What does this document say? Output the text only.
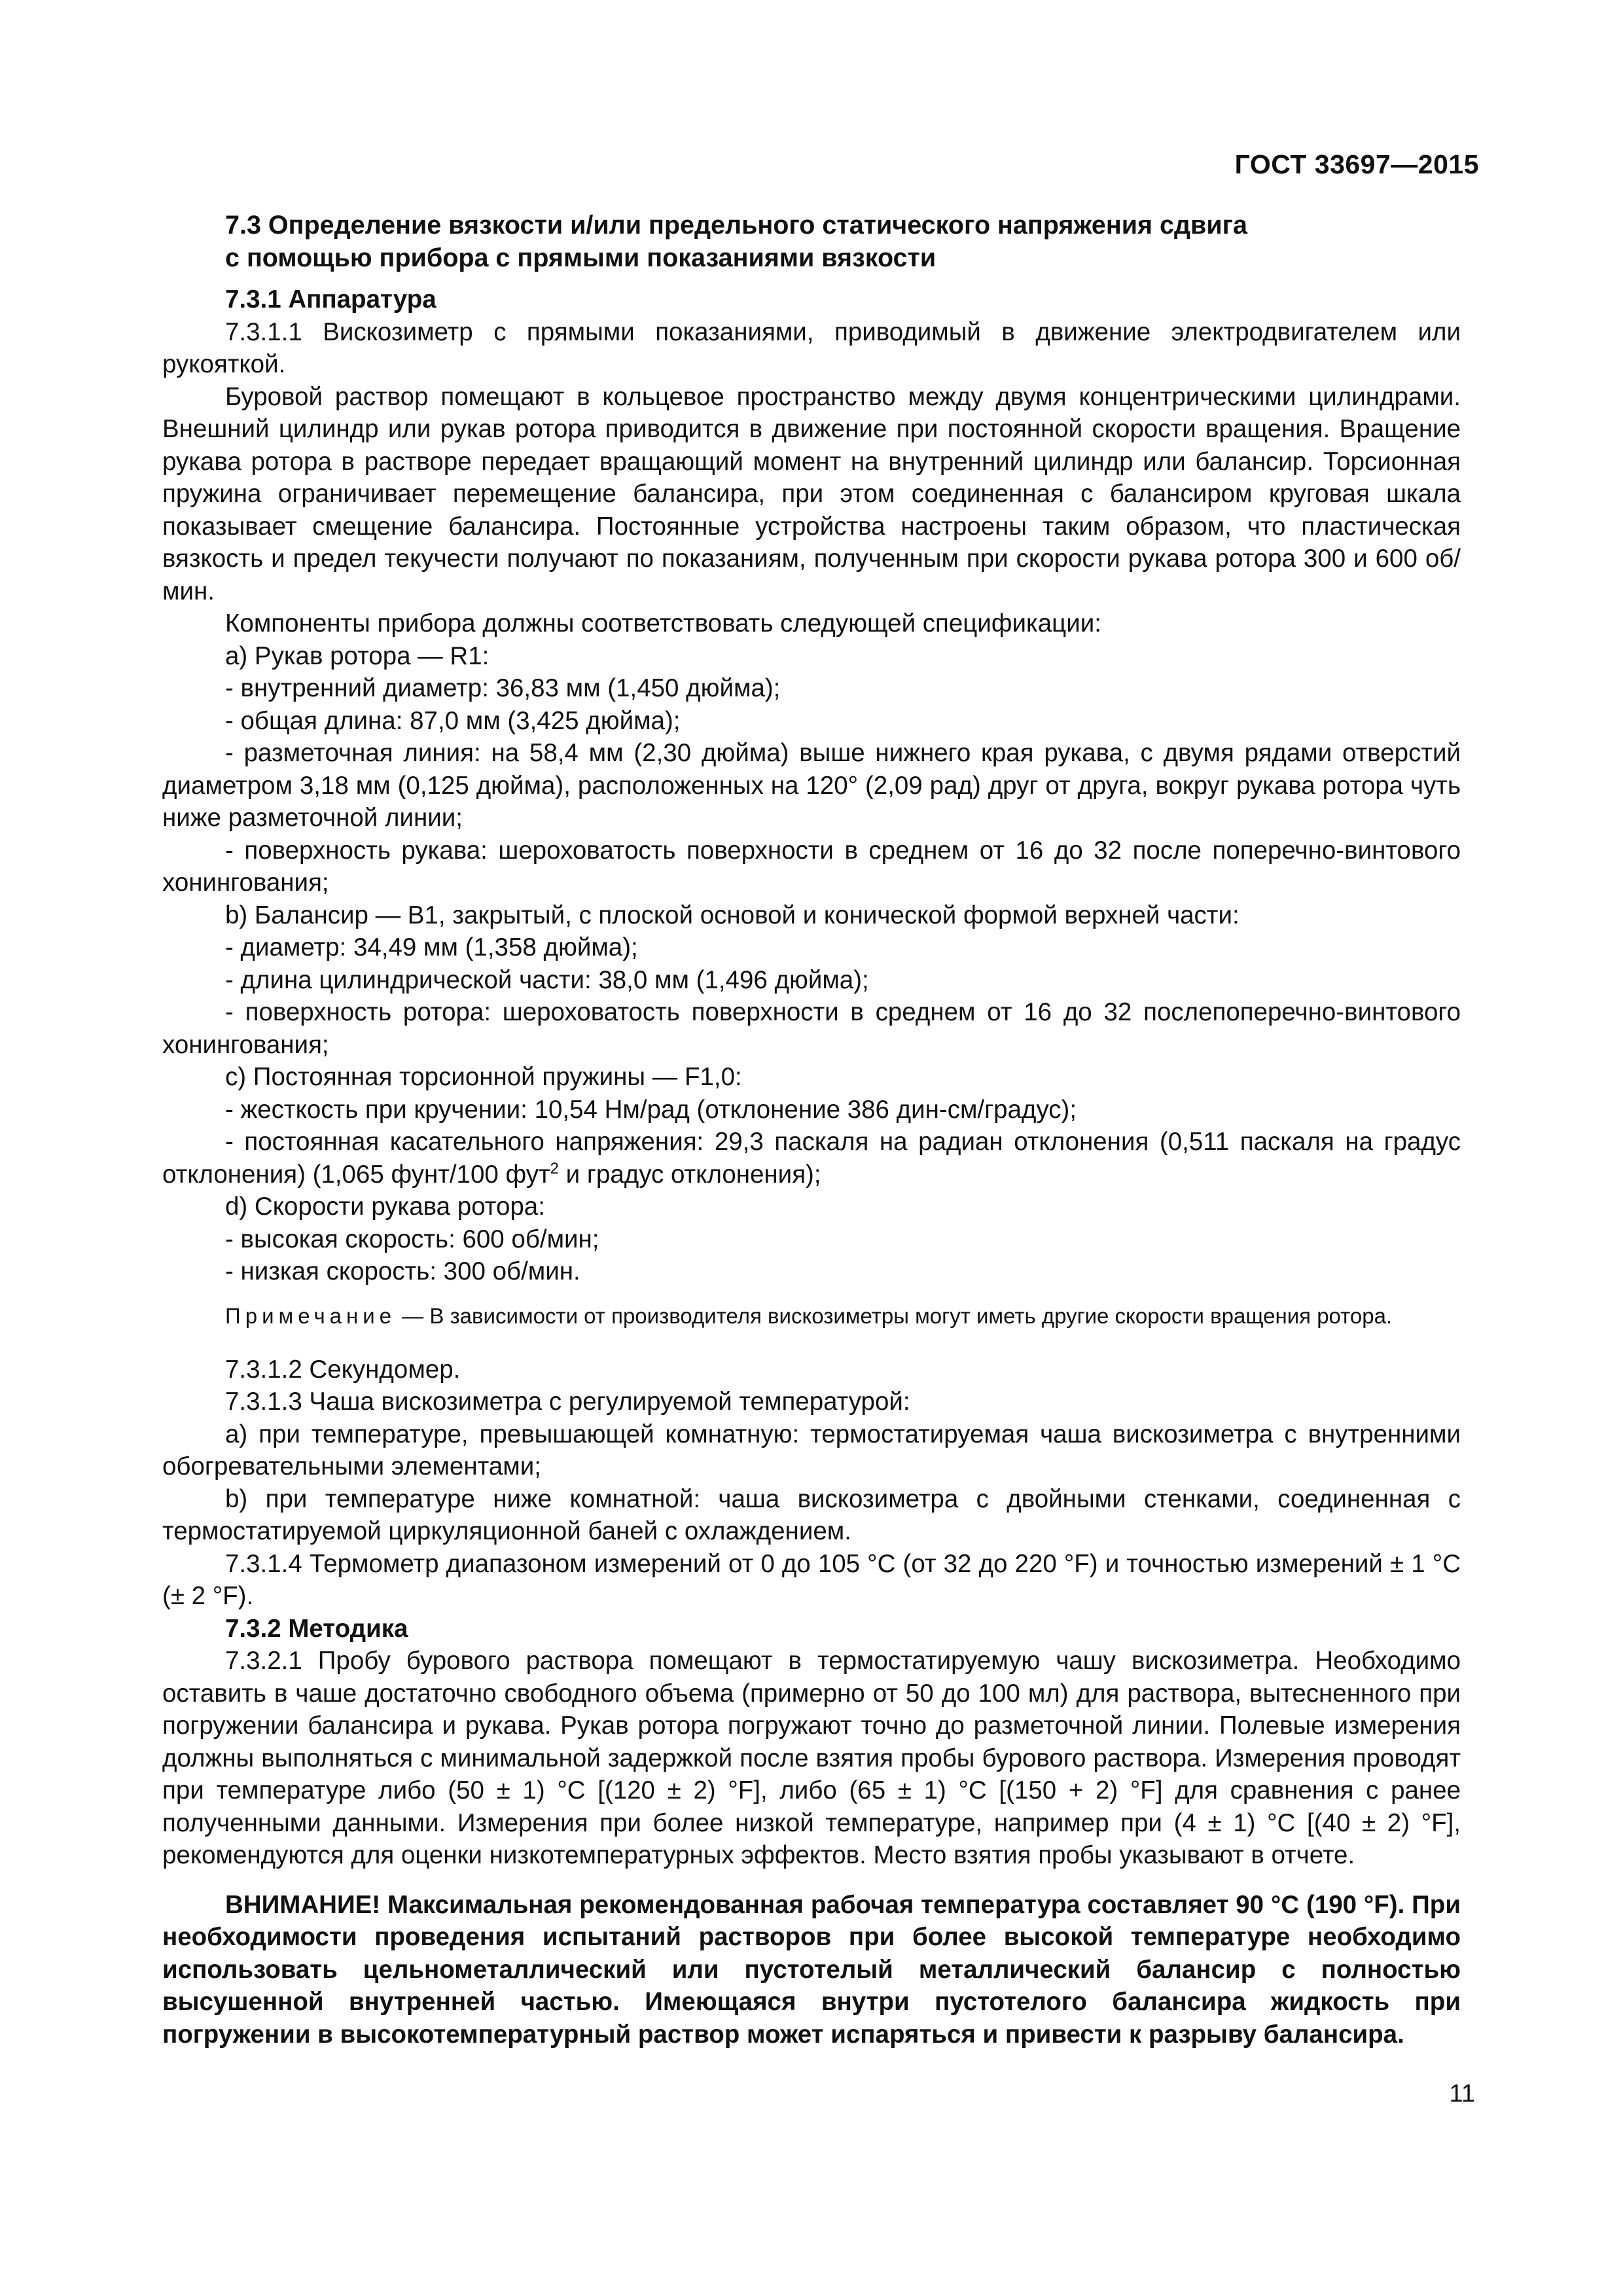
ГОСТ 33697—2015

7.3 Определение вязкости и/или предельного статического напряжения сдвига
с помощью прибора с прямыми показаниями вязкости

7.3.1 Аппаратура

7.3.1.1 Вискозиметр с прямыми показаниями, приводимый в движение электродвигателем или рукояткой.

Буровой раствор помещают в кольцевое пространство между двумя концентрическими цилиндрами. Внешний цилиндр или рукав ротора приводится в движение при постоянной скорости вращения. Вращение рукава ротора в растворе передает вращающий момент на внутренний цилиндр или балансир. Торсионная пружина ограничивает перемещение балансира, при этом соединенная с балансиром круговая шкала показывает смещение балансира. Постоянные устройства настроены таким образом, что пластическая вязкость и предел текучести получают по показаниям, полученным при скорости рукава ротора 300 и 600 об/мин.

Компоненты прибора должны соответствовать следующей спецификации:

а) Рукав ротора — R1:

- внутренний диаметр: 36,83 мм (1,450 дюйма);

- общая длина: 87,0 мм (3,425 дюйма);

- разметочная линия: на 58,4 мм (2,30 дюйма) выше нижнего края рукава, с двумя рядами отверстий диаметром 3,18 мм (0,125 дюйма), расположенных на 120° (2,09 рад) друг от друга, вокруг рукава ротора чуть ниже разметочной линии;

- поверхность рукава: шероховатость поверхности в среднем от 16 до 32 после поперечно-винтового хонингования;

b) Балансир — B1, закрытый, с плоской основой и конической формой верхней части:

- диаметр: 34,49 мм (1,358 дюйма);

- длина цилиндрической части: 38,0 мм (1,496 дюйма);

- поверхность ротора: шероховатость поверхности в среднем от 16 до 32 послепоперечно-винтового хонингования;

c) Постоянная торсионной пружины — F1,0:

- жесткость при кручении: 10,54 Нм/рад (отклонение 386 дин-см/градус);

- постоянная касательного напряжения: 29,3 паскаля на радиан отклонения (0,511 паскаля на градус отклонения) (1,065 фунт/100 фут$^2$ и градус отклонения);

d) Скорости рукава ротора:

- высокая скорость: 600 об/мин;

- низкая скорость: 300 об/мин.

Примечание — В зависимости от производителя вискозиметры могут иметь другие скорости вращения ротора.

7.3.1.2 Секундомер.

7.3.1.3 Чаша вискозиметра с регулируемой температурой:

а) при температуре, превышающей комнатную: термостатируемая чаша вискозиметра с внутренними обогревательными элементами;

b) при температуре ниже комнатной: чаша вискозиметра с двойными стенками, соединенная с термостатируемой циркуляционной баней с охлаждением.

7.3.1.4 Термометр диапазоном измерений от 0 до 105 °С (от 32 до 220 °F) и точностью измерений ± 1 °С (± 2 °F).

7.3.2 Методика

7.3.2.1 Пробу бурового раствора помещают в термостатируемую чашу вискозиметра. Необходимо оставить в чаше достаточно свободного объема (примерно от 50 до 100 мл) для раствора, вытесненного при погружении балансира и рукава. Рукав ротора погружают точно до разметочной линии. Полевые измерения должны выполняться с минимальной задержкой после взятия пробы бурового раствора. Измерения проводят при температуре либо (50 ± 1) °С [(120 ± 2) °F], либо (65 ± 1) °С [(150 + 2) °F] для сравнения с ранее полученными данными. Измерения при более низкой температуре, например при (4 ± 1) °С [(40 ± 2) °F], рекомендуются для оценки низкотемпературных эффектов. Место взятия пробы указывают в отчете.

ВНИМАНИЕ! Максимальная рекомендованная рабочая температура составляет 90 °С (190 °F). При необходимости проведения испытаний растворов при более высокой температуре необходимо использовать цельнометаллический или пустотелый металлический балансир с полностью высушенной внутренней частью. Имеющаяся внутри пустотелого балансира жидкость при погружении в высокотемпературный раствор может испаряться и привести к разрыву балансира.

11
